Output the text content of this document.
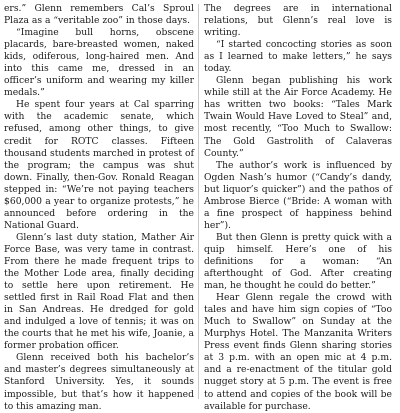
ers.” Glenn remembers Cal’s Sproul Plaza as a “veritable zoo” in those days.

“Imagine bull horns, obscene placards, bare-breasted women, naked kids, odiferous, long-haired men. And into this came me, dressed in an officer’s uniform and wearing my killer medals.”

He spent four years at Cal sparring with the academic senate, which refused, among other things, to give credit for ROTC classes. Fifteen thousand students marched in protest of the program; the campus was shut down. Finally, then-Gov. Ronald Reagan stepped in: “We’re not paying teachers $60,000 a year to organize protests,” he announced before ordering in the National Guard.

Glenn’s last duty station, Mather Air Force Base, was very tame in contrast. From there he made frequent trips to the Mother Lode area, finally deciding to settle here upon retirement. He settled first in Rail Road Flat and then in San Andreas. He dredged for gold and indulged a love of tennis; it was on the courts that he met his wife, Joanie, a former probation officer.

Glenn received both his bachelor’s and master’s degrees simultaneously at Stanford University. Yes, it sounds impossible, but that’s how it happened to this amazing man.

The degrees are in international relations, but Glenn’s real love is writing.

“I started concocting stories as soon as I learned to make letters,” he says today.

Glenn began publishing his work while still at the Air Force Academy. He has written two books: “Tales Mark Twain Would Have Loved to Steal” and, most recently, “Too Much to Swallow: The Gold Gastrolith of Calaveras County.”

The author’s work is influenced by Ogden Nash’s humor (“Candy’s dandy, but liquor’s quicker”) and the pathos of Ambrose Bierce (“Bride: A woman with a fine prospect of happiness behind her”).

But then Glenn is pretty quick with a quip himself. Here’s one of his definitions for a woman: “An afterthought of God. After creating man, he thought he could do better.”

Hear Glenn regale the crowd with tales and have him sign copies of “Too Much to Swallow” on Sunday at the Murphys Hotel. The Manzanita Writers Press event finds Glenn sharing stories at 3 p.m. with an open mic at 4 p.m. and a re-enactment of the titular gold nugget story at 5 p.m. The event is free to attend and copies of the book will be available for purchase.
